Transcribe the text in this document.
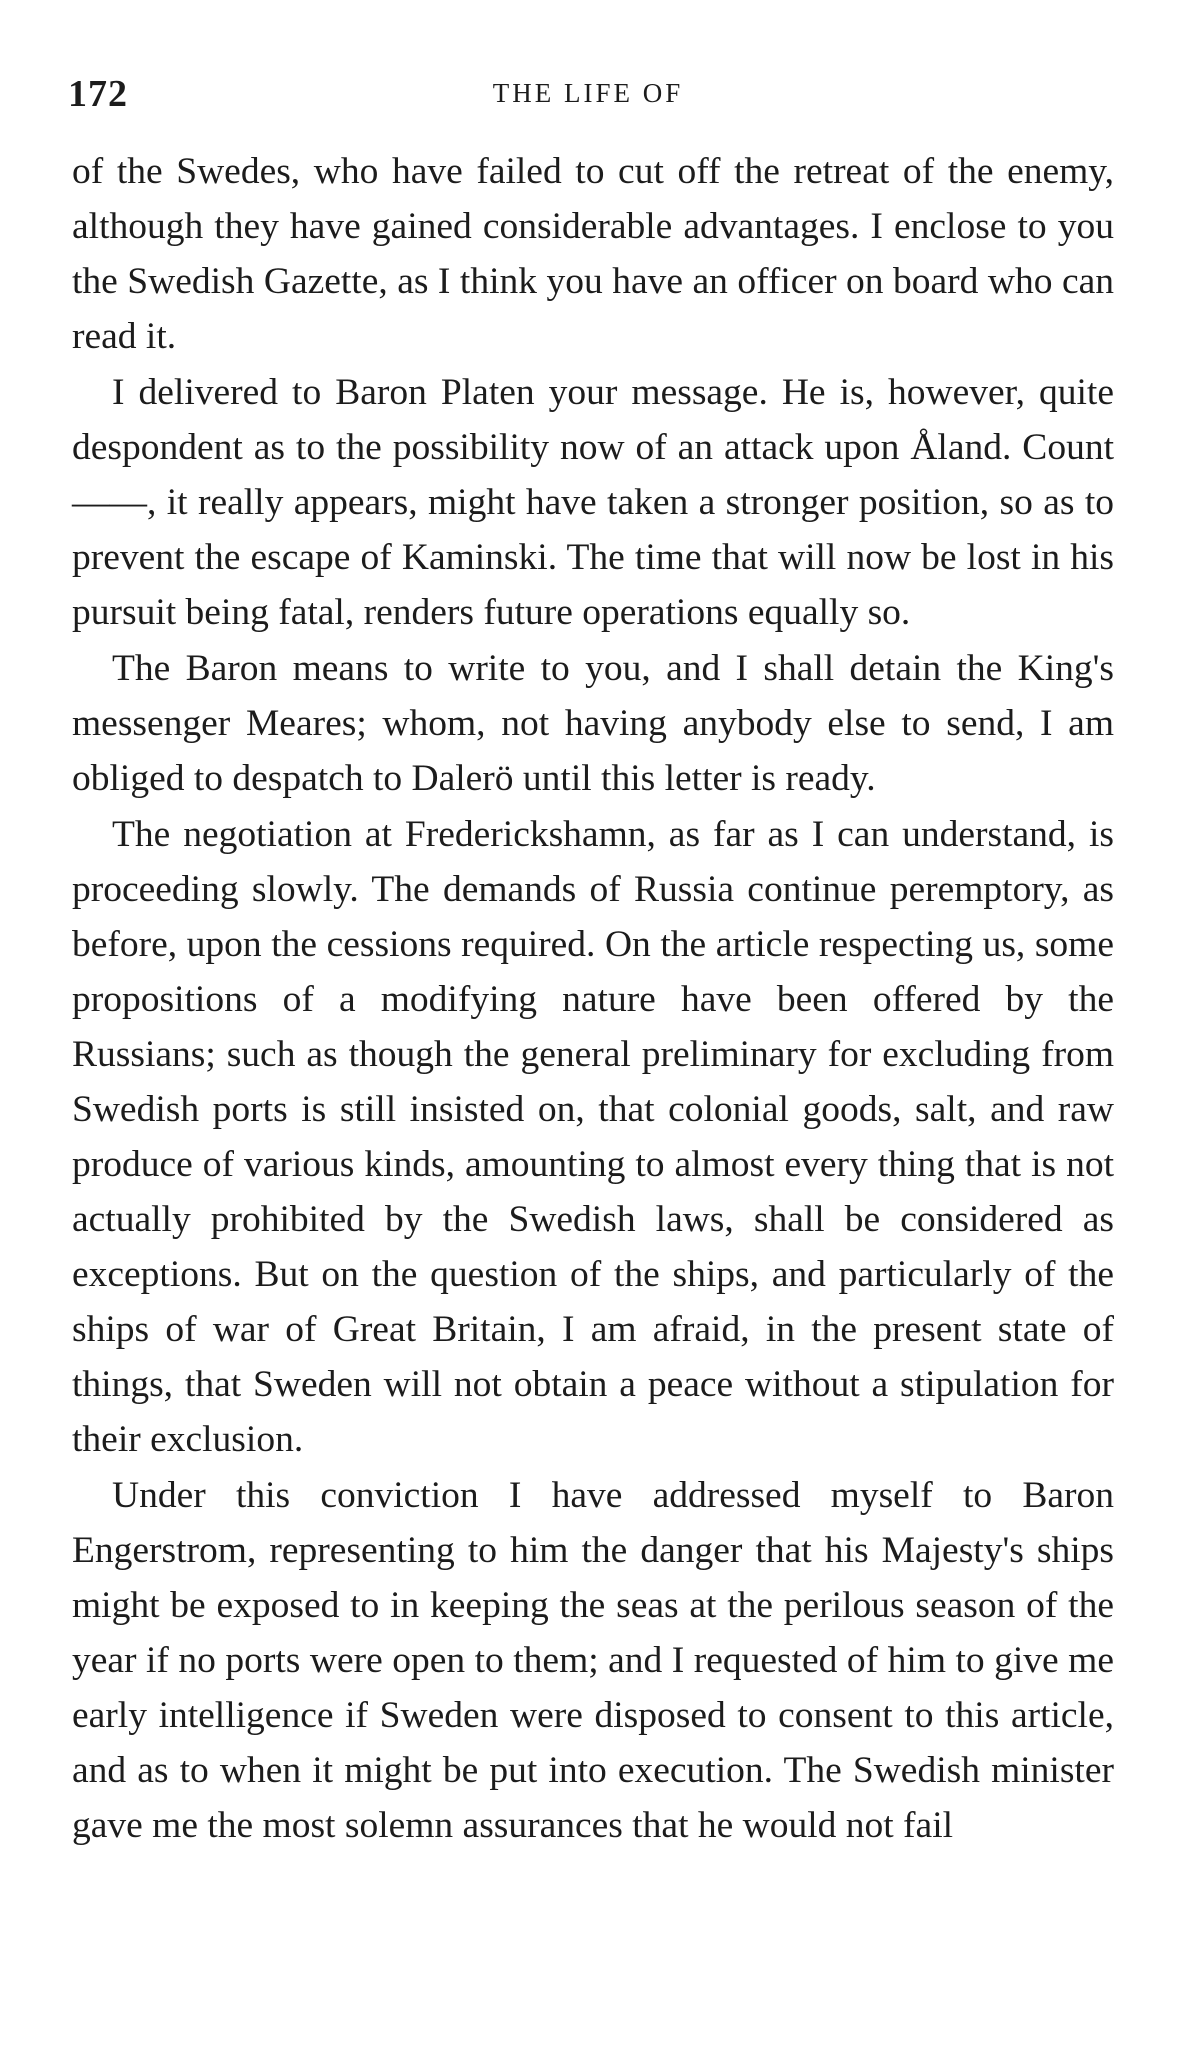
172	THE LIFE OF

of the Swedes, who have failed to cut off the retreat of the enemy, although they have gained considerable advantages. I enclose to you the Swedish Gazette, as I think you have an officer on board who can read it.

I delivered to Baron Platen your message. He is, however, quite despondent as to the possibility now of an attack upon Åland. Count ——, it really appears, might have taken a stronger position, so as to prevent the escape of Kaminski. The time that will now be lost in his pursuit being fatal, renders future operations equally so.

The Baron means to write to you, and I shall detain the King's messenger Meares; whom, not having anybody else to send, I am obliged to despatch to Dalerö until this letter is ready.

The negotiation at Frederickshamn, as far as I can understand, is proceeding slowly. The demands of Russia continue peremptory, as before, upon the cessions required. On the article respecting us, some propositions of a modifying nature have been offered by the Russians; such as though the general preliminary for excluding from Swedish ports is still insisted on, that colonial goods, salt, and raw produce of various kinds, amounting to almost every thing that is not actually prohibited by the Swedish laws, shall be considered as exceptions. But on the question of the ships, and particularly of the ships of war of Great Britain, I am afraid, in the present state of things, that Sweden will not obtain a peace without a stipulation for their exclusion.

Under this conviction I have addressed myself to Baron Engerstrom, representing to him the danger that his Majesty's ships might be exposed to in keeping the seas at the perilous season of the year if no ports were open to them; and I requested of him to give me early intelligence if Sweden were disposed to consent to this article, and as to when it might be put into execution. The Swedish minister gave me the most solemn assurances that he would not fail
